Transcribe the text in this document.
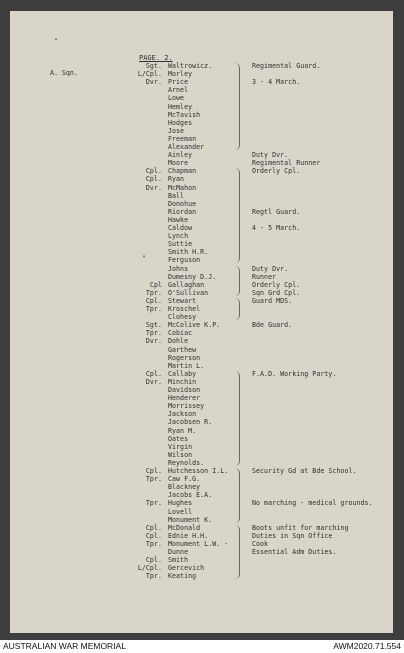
"
PAGE. 2.
A. Sqn.
"
Sgt. Waltrowicz.
L/Cpl. Morley
Dvr. Price
Arnel
Lowe
Hemley
McTavish
Hodges
Jose
Freeman
Alexander
Ainley
Moore
Cpl. Chapman
Cpl. Ryan
Dvr. McMahon
Ball
Donohue
Riordan
Hawke
Caldow
Lynch
Suttie
Smith H.R.
Ferguson
Johns
Dumesny D.J.
Cpl Gallaghan
Tpr. O'Sullivan
Cpl. Stewart
Tpr. Kroschel
Clohesy
Sgt. McColive K.P.
Tpr. Cobiac
Dvr. Dohle
Garthew
Rogerson
Martin L.
Cpl. Callaby
Dvr. Minchin
Davidson
Henderer
Morrissey
Jackson
Jacobsen R.
Ryan M.
Oates
Virgin
Wilson
Reynolds.
Cpl. Hutchesson I.L.
Tpr. Caw F.G.
Blackney
Jacobs E.A.
Tpr. Hughes
Lovell
Monument K.
Cpl. McDonald
Cpl. Ednie H.H.
Tpr. Monument L.W. -
Dunne
Cpl. Smith
L/Cpl. Gercevich
Tpr. Keating
Regimental Guard.
3 - 4 March.
Duty Dvr.
Regimental Runner
Orderly Cpl.
Regtl Guard.
4 - 5 March.
Duty Dvr.
Runner
Orderly Cpl.
Sqn Grd Cpl.
Guard MDS.
Bde Guard.
F.A.D. Working Party.
Security Gd at Bde School.
No marching - medical grounds.
Boots unfit for marching
Duties in Sqn Office
Cook
Essential Adm Duties.
AUSTRALIAN WAR MEMORIAL	AWM2020.71.554
